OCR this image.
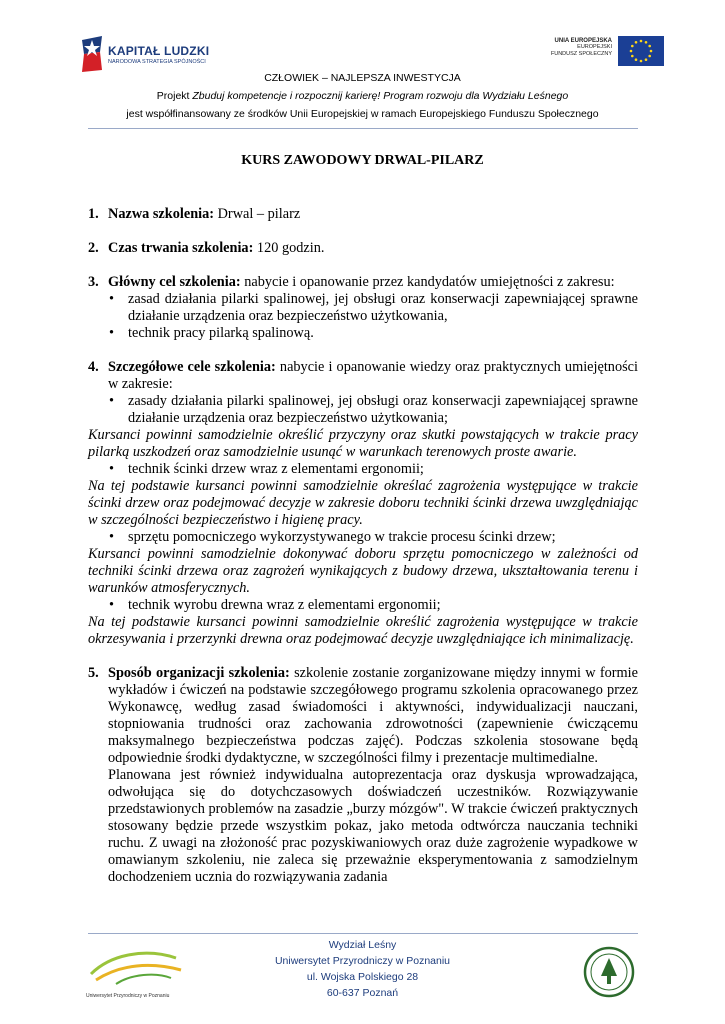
KAPITAŁ LUDZKI
NARODOWA STRATEGIA SPÓJNOŚCI
UNIA EUROPEJSKA
EUROPEJSKI
FUNDUSZ SPOŁECZNY
CZŁOWIEK – NAJLEPSZA INWESTYCJA
Projekt Zbuduj kompetencje i rozpocznij karierę! Program rozwoju dla Wydziału Leśnego
jest współfinansowany ze środków Unii Europejskiej w ramach Europejskiego Funduszu Społecznego
KURS ZAWODOWY DRWAL-PILARZ
1. Nazwa szkolenia: Drwal – pilarz
2. Czas trwania szkolenia: 120 godzin.
3. Główny cel szkolenia: nabycie i opanowanie przez kandydatów umiejętności z zakresu:
• zasad działania pilarki spalinowej, jej obsługi oraz konserwacji zapewniającej sprawne działanie urządzenia oraz bezpieczeństwo użytkowania,
• technik pracy pilarką spalinową.
4. Szczegółowe cele szkolenia: nabycie i opanowanie wiedzy oraz praktycznych umiejętności w zakresie:
• zasady działania pilarki spalinowej, jej obsługi oraz konserwacji zapewniającej sprawne działanie urządzenia oraz bezpieczeństwo użytkowania;
Kursanci powinni samodzielnie określić przyczyny oraz skutki powstających w trakcie pracy pilarką uszkodzeń oraz samodzielnie usunąć w warunkach terenowych proste awarie.
• technik ścinki drzew wraz z elementami ergonomii;
Na tej podstawie kursanci powinni samodzielnie określać zagrożenia występujące w trakcie ścinki drzew oraz podejmować decyzje w zakresie doboru techniki ścinki drzewa uwzględniając w szczególności bezpieczeństwo i higienę pracy.
• sprzętu pomocniczego wykorzystywanego w trakcie procesu ścinki drzew;
Kursanci powinni samodzielnie dokonywać doboru sprzętu pomocniczego w zależności od techniki ścinki drzewa oraz zagrożeń wynikających z budowy drzewa, ukształtowania terenu i warunków atmosferycznych.
• technik wyrobu drewna wraz z elementami ergonomii;
Na tej podstawie kursanci powinni samodzielnie określić zagrożenia występujące w trakcie okrzesywania i przerzynki drewna oraz podejmować decyzje uwzględniające ich minimalizację.
5. Sposób organizacji szkolenia: szkolenie zostanie zorganizowane między innymi w formie wykładów i ćwiczeń na podstawie szczegółowego programu szkolenia opracowanego przez Wykonawcę, według zasad świadomości i aktywności, indywidualizacji nauczani, stopniowania trudności oraz zachowania zdrowotności (zapewnienie ćwiczącemu maksymalnego bezpieczeństwa podczas zajęć). Podczas szkolenia stosowane będą odpowiednie środki dydaktyczne, w szczególności filmy i prezentacje multimedialne.
Planowana jest również indywidualna autoprezentacja oraz dyskusja wprowadzająca, odwołująca się do dotychczasowych doświadczeń uczestników. Rozwiązywanie przedstawionych problemów na zasadzie „burzy mózgów". W trakcie ćwiczeń praktycznych stosowany będzie przede wszystkim pokaz, jako metoda odtwórcza nauczania techniki ruchu. Z uwagi na złożoność prac pozyskiwaniowych oraz duże zagrożenie wypadkowe w omawianym szkoleniu, nie zaleca się przeważnie eksperymentowania z samodzielnym dochodzeniem ucznia do rozwiązywania zadania
Uniwersytet Przyrodniczy w Poznaniu
Wydział Leśny
Uniwersytet Przyrodniczy w Poznaniu
ul. Wojska Polskiego 28
60-637 Poznań
